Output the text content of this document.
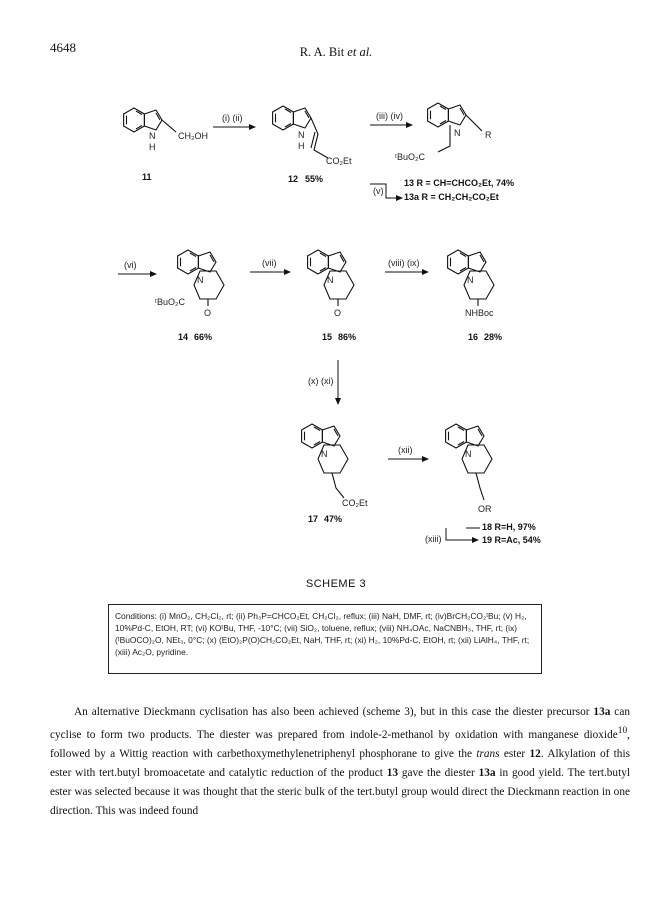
4648	R. A. Bit et al.
N
H
CH₂OH
11
(i) (ii)
N
H
CO₂Et
12 55%
(iii) (iv)
N	R
ᵗBuO₂C
(v)
13 R = CH=CHCO₂Et, 74%
13a R = CH₂CH₂CO₂Et
(vi)
N
ᵗBuO₂C
O
14 66%
(vii)
N
O
15 86%
(viii) (ix)
N
NHBoc
16 28%
(x) (xi)
N
CO₂Et
17 47%
(xii)	N
OR
(xiii)
18 R=H, 97%
19 R=Ac, 54%
SCHEME 3
Conditions: (i) MnO₂, CH₂Cl₂, rt; (ii) Ph₃P=CHCO₂Et, CH₂Cl₂, reflux; (iii) NaH, DMF, rt; (iv)BrCH₂CO₂ᵗBu; (v) H₂, 10%Pd-C, EtOH, RT; (vi) KOᵗBu, THF, -10°C; (vii) SiO₂, toluene, reflux; (viii) NH₄OAc, NaCNBH₃, THF, rt; (ix) (ᵗBuOCO)₂O, NEt₃, 0°C; (x) (EtO)₂P(O)CH₂CO₂Et, NaH, THF, rt; (xi) H₂, 10%Pd-C, EtOH, rt; (xii) LiAlH₄, THF, rt; (xiii) Ac₂O, pyridine.

An alternative Dieckmann cyclisation has also been achieved (scheme 3), but in this case the diester precursor 13a can cyclise to form two products. The diester was prepared from indole-2-methanol by oxidation with manganese dioxide$^{10}$, followed by a Wittig reaction with carbethoxymethylenetriphenyl phosphorane to give the trans ester 12. Alkylation of this ester with tert.butyl bromoacetate and catalytic reduction of the product 13 gave the diester 13a in good yield. The tert.butyl ester was selected because it was thought that the steric bulk of the tert.butyl group would direct the Dieckmann reaction in one direction. This was indeed found
